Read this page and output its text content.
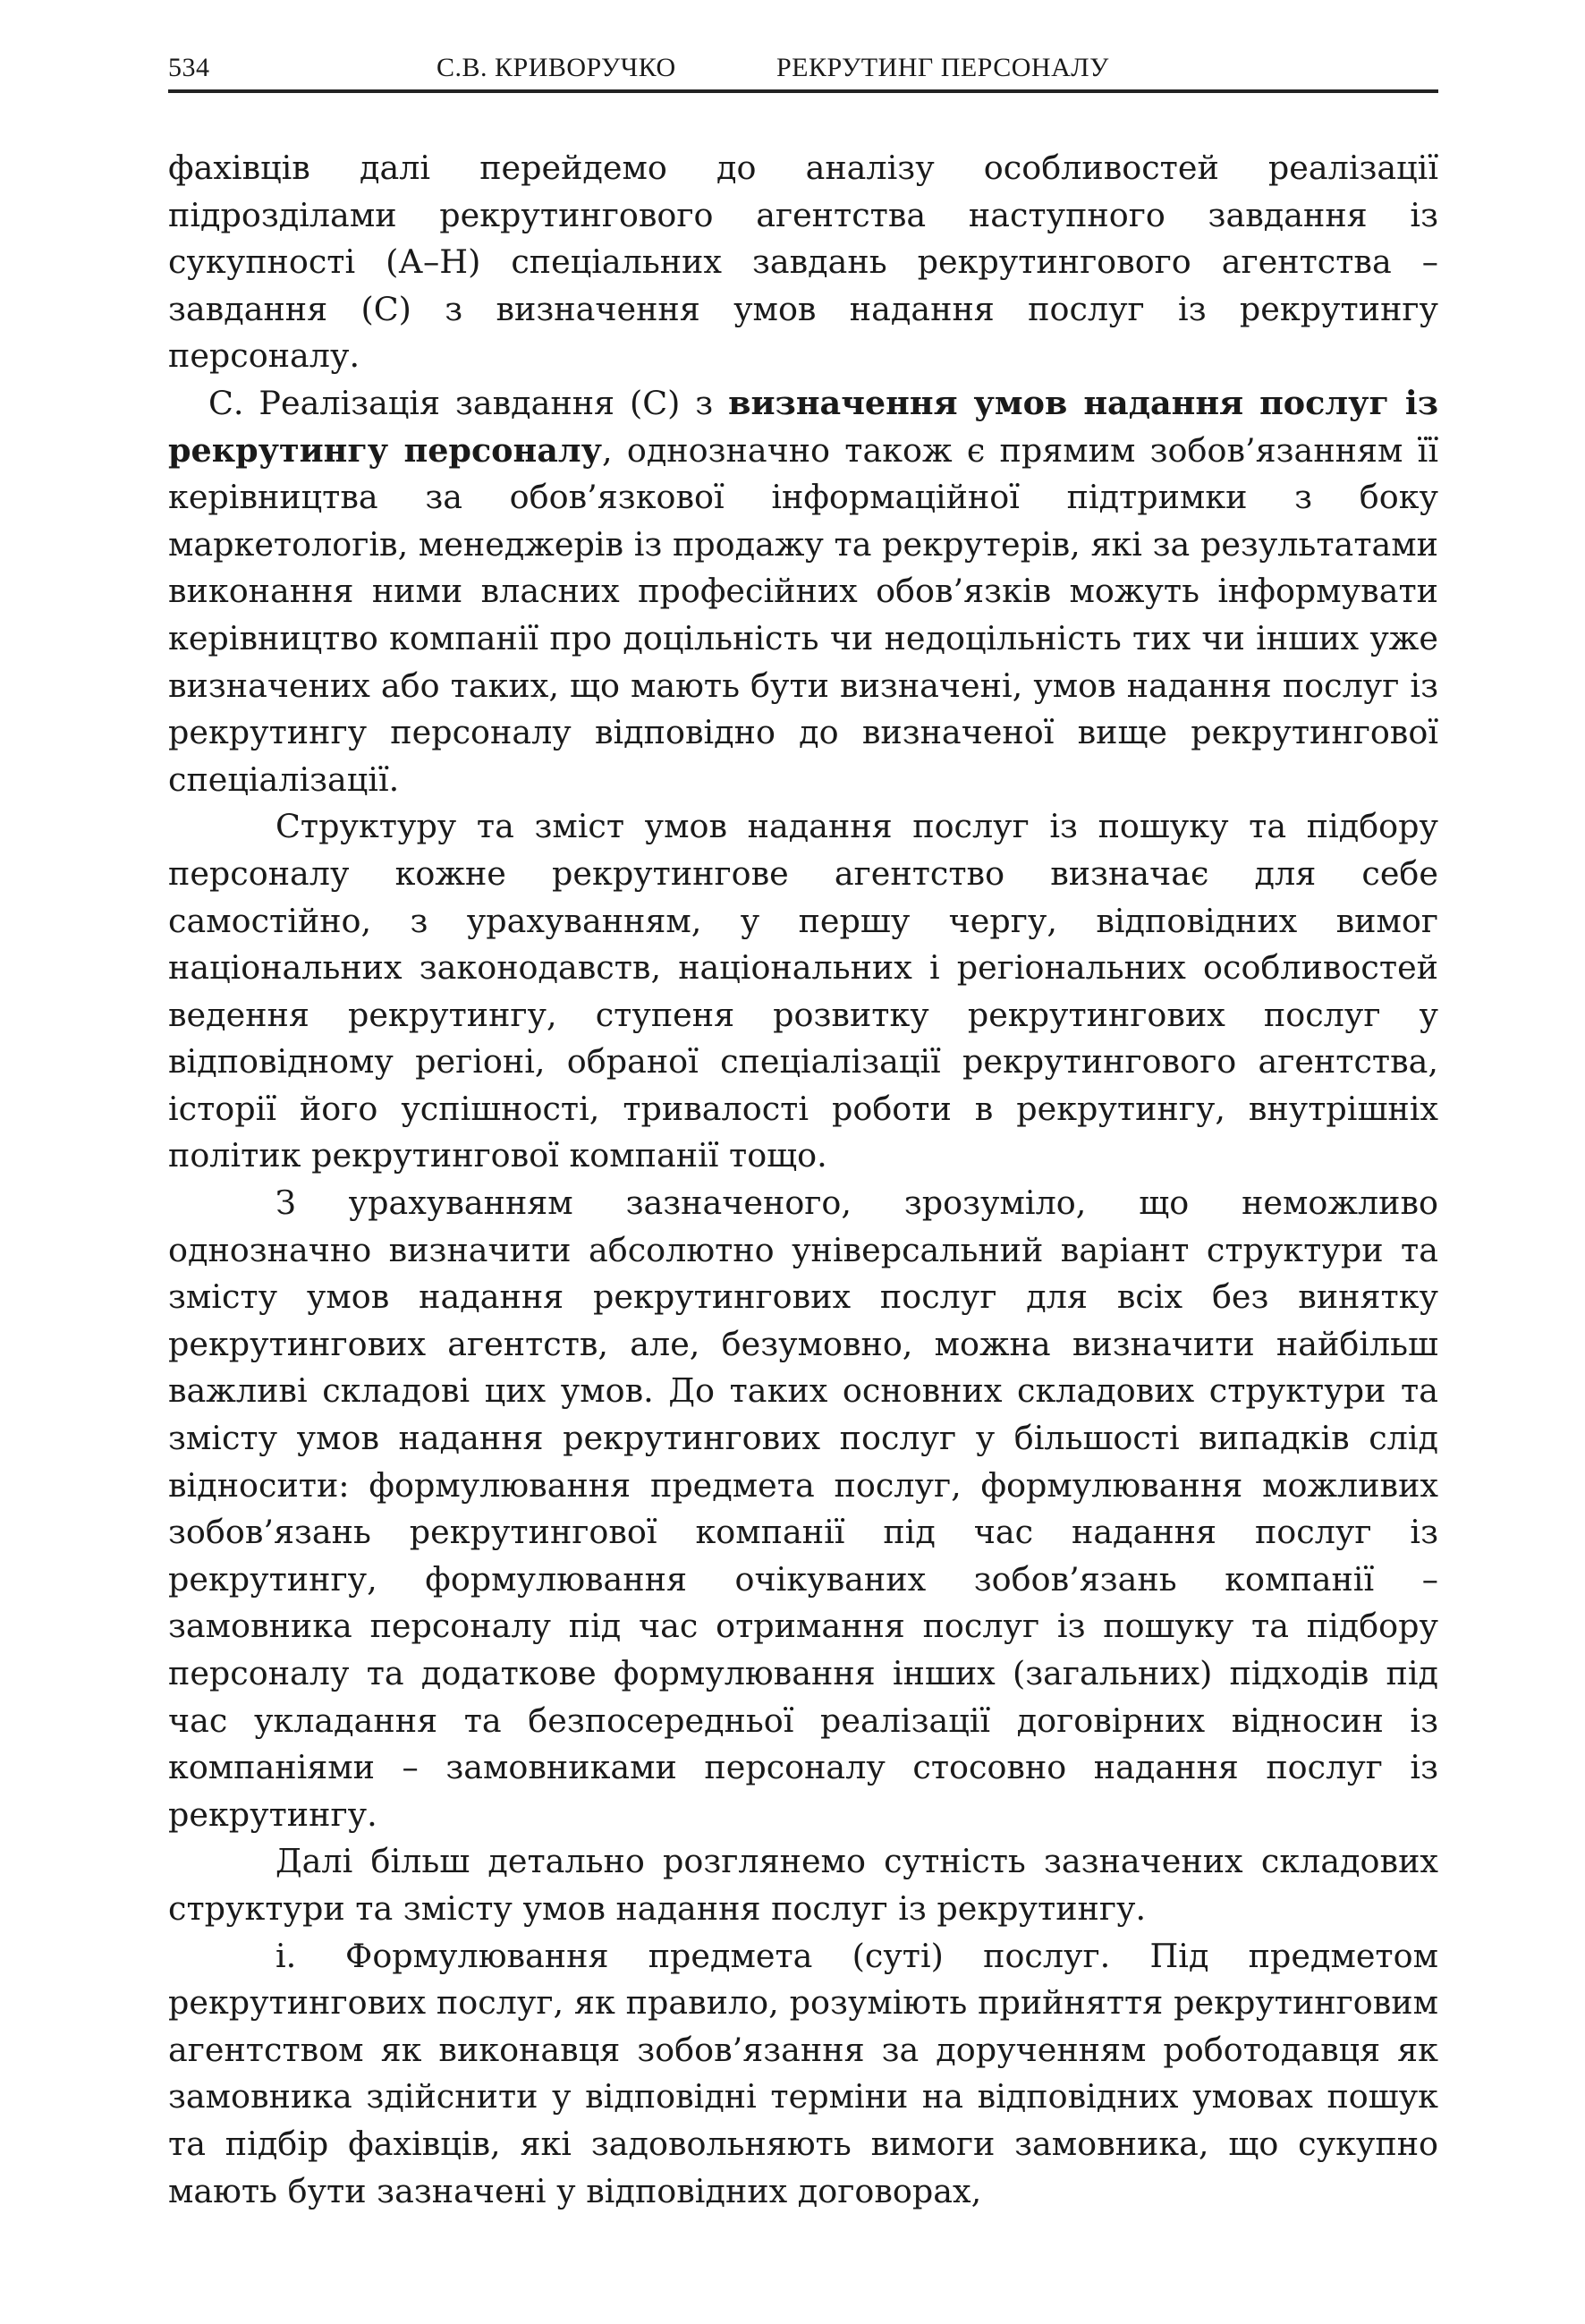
534	С.В. КРИВОРУЧКО	РЕКРУТИНГ ПЕРСОНАЛУ

фахівців далі перейдемо до аналізу особливостей реалізації підрозділами рекрутингового агентства наступного завдання із сукупності (А–Н) спеціальних завдань рекрутингового агентства – завдання (С) з визначення умов надання послуг із рекрутингу персоналу.

С. Реалізація завдання (С) з визначення умов надання послуг із рекрутингу персоналу, однозначно також є прямим зобов’язанням її керівництва за обов’язкової інформаційної підтримки з боку маркетологів, менеджерів із продажу та рекрутерів, які за результатами виконання ними власних професійних обов’язків можуть інформувати керівництво компанії про доцільність чи недоцільність тих чи інших уже визначених або таких, що мають бути визначені, умов надання послуг із рекрутингу персоналу відповідно до визначеної вище рекрутингової спеціалізації.

Структуру та зміст умов надання послуг із пошуку та підбору персоналу кожне рекрутингове агентство визначає для себе самостійно, з урахуванням, у першу чергу, відповідних вимог національних законодавств, національних і регіональних особливостей ведення рекрутингу, ступеня розвитку рекрутингових послуг у відповідному регіоні, обраної спеціалізації рекрутингового агентства, історії його успішності, тривалості роботи в рекрутингу, внутрішніх політик рекрутингової компанії тощо.

З урахуванням зазначеного, зрозуміло, що неможливо однозначно визначити абсолютно універсальний варіант структури та змісту умов надання рекрутингових послуг для всіх без винятку рекрутингових агентств, але, безумовно, можна визначити найбільш важливі складові цих умов. До таких основних складових структури та змісту умов надання рекрутингових послуг у більшості випадків слід відносити: формулювання предмета послуг, формулювання можливих зобов’язань рекрутингової компанії під час надання послуг із рекрутингу, формулювання очікуваних зобов’язань компанії – замовника персоналу під час отримання послуг із пошуку та підбору персоналу та додаткове формулювання інших (загальних) підходів під час укладання та безпосередньої реалізації договірних відносин із компаніями – замовниками персоналу стосовно надання послуг із рекрутингу.

Далі більш детально розглянемо сутність зазначених складових структури та змісту умов надання послуг із рекрутингу.

і.  Формулювання предмета (суті) послуг. Під предметом рекрутингових послуг, як правило, розуміють прийняття рекрутинговим агентством як виконавця зобов’язання за дорученням роботодавця як замовника здійснити у відповідні терміни на відповідних умовах пошук та підбір фахівців, які задовольняють вимоги замовника, що сукупно мають бути зазначені у відповідних договорах,
